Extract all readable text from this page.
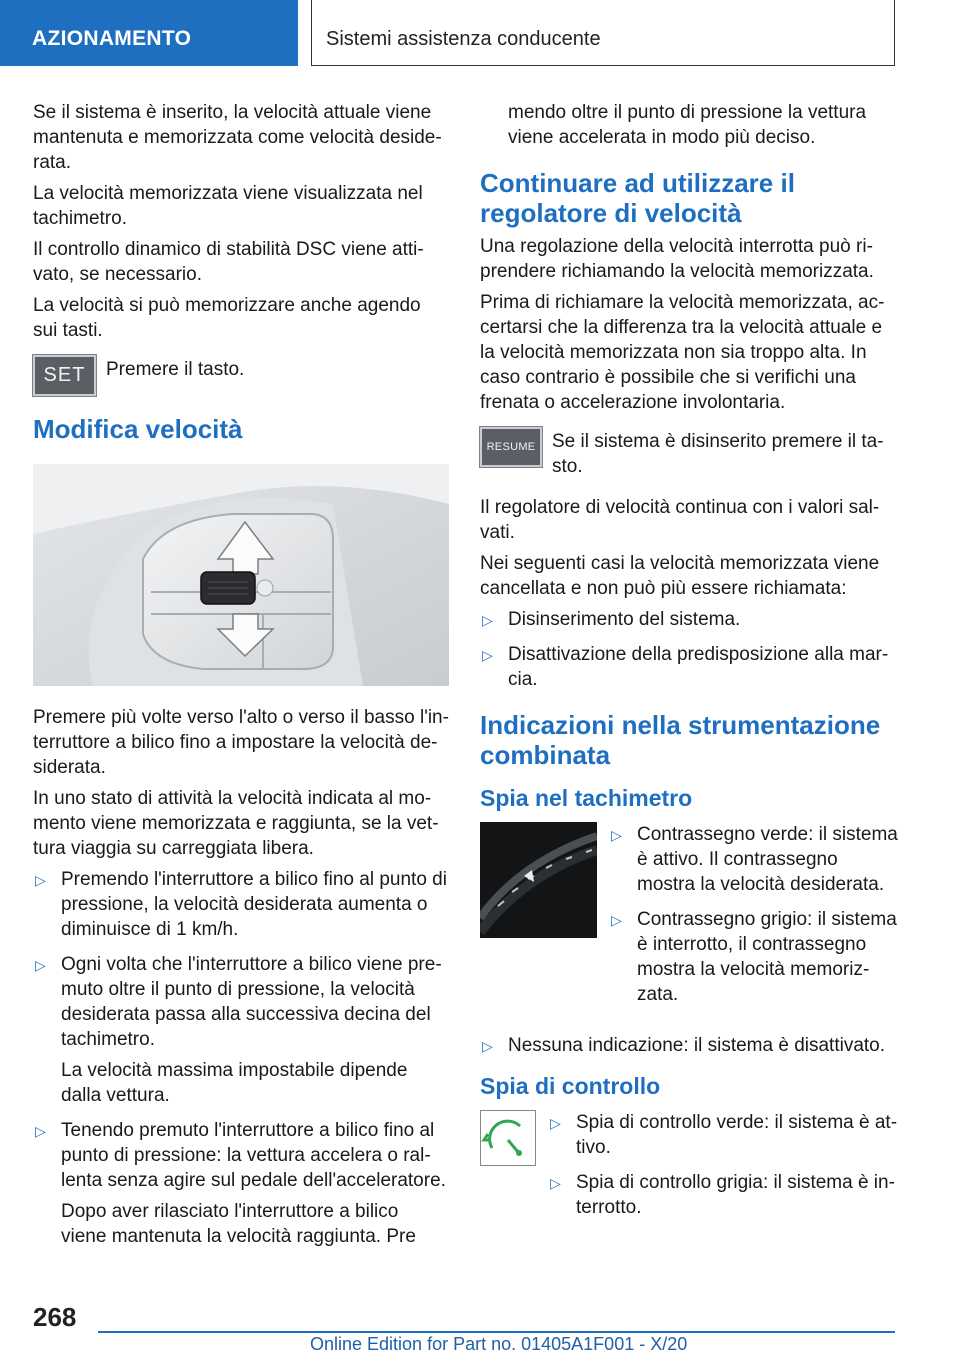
AZIONAMENTO	Sistemi assistenza conducente

Se il sistema è inserito, la velocità attuale viene mantenuta e memorizzata come velocità desiderata.

La velocità memorizzata viene visualizzata nel tachimetro.

Il controllo dinamico di stabilità DSC viene attivato, se necessario.

La velocità si può memorizzare anche agendo sui tasti.

SET Premere il tasto.

Modifica velocità

Premere più volte verso l'alto o verso il basso l'interruttore a bilico fino a impostare la velocità desiderata.

In uno stato di attività la velocità indicata al momento viene memorizzata e raggiunta, se la vettura viaggia su carreggiata libera.

▷ Premendo l'interruttore a bilico fino al punto di pressione, la velocità desiderata aumenta o diminuisce di 1 km/h.

▷ Ogni volta che l'interruttore a bilico viene premuto oltre il punto di pressione, la velocità desiderata passa alla successiva decina del tachimetro.

La velocità massima impostabile dipende dalla vettura.

▷ Tenendo premuto l'interruttore a bilico fino al punto di pressione: la vettura accelera o rallenta senza agire sul pedale dell'acceleratore.

Dopo aver rilasciato l'interruttore a bilico viene mantenuta la velocità raggiunta. Pre

mendo oltre il punto di pressione la vettura viene accelerata in modo più deciso.

Continuare ad utilizzare il regolatore di velocità

Una regolazione della velocità interrotta può riprendere richiamando la velocità memorizzata.

Prima di richiamare la velocità memorizzata, accertarsi che la differenza tra la velocità attuale e la velocità memorizzata non sia troppo alta. In caso contrario è possibile che si verifichi una frenata o accelerazione involontaria.

RESUME Se il sistema è disinserito premere il tasto.

Il regolatore di velocità continua con i valori salvati.

Nei seguenti casi la velocità memorizzata viene cancellata e non può più essere richiamata:

▷ Disinserimento del sistema.

▷ Disattivazione della predisposizione alla marcia.

Indicazioni nella strumentazione combinata
Spia nel tachimetro
▷ Contrassegno verde: il sistema è attivo. Il contrassegno mostra la velocità desiderata.

▷ Contrassegno grigio: il sistema è interrotto, il contrassegno mostra la velocità memorizzata.

▷ Nessuna indicazione: il sistema è disattivato.

Spia di controllo
▷ Spia di controllo verde: il sistema è attivo.

▷ Spia di controllo grigia: il sistema è interrotto.

268
Online Edition for Part no. 01405A1F001 - X/20
